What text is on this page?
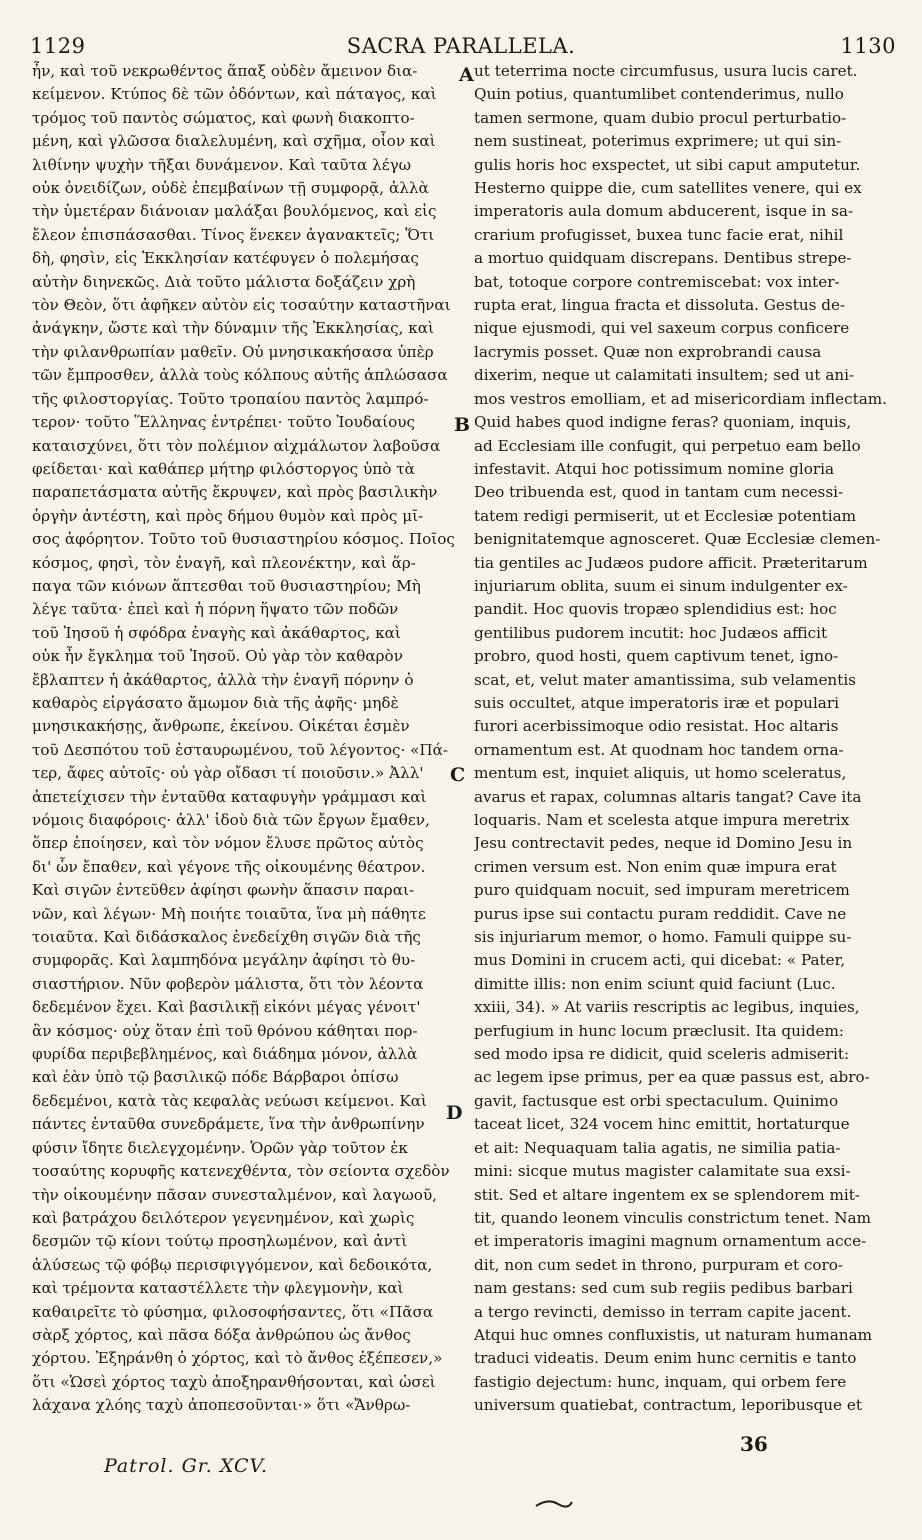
1129	SACRA PARALLELA.	1130
ἦν, καὶ τοῦ νεκρωθέντος ἅπαξ οὐδὲν ἄμεινον δια-
κείμενον. Κτύπος δὲ τῶν ὀδόντων, καὶ πάταγος, καὶ
τρόμος τοῦ παντὸς σώματος, καὶ φωνὴ διακοπτο-
μένη, καὶ γλῶσσα διαλελυμένη, καὶ σχῆμα, οἷον καὶ
λιθίνην ψυχὴν τῆξαι δυνάμενον. Καὶ ταῦτα λέγω
οὐκ ὀνειδίζων, οὐδὲ ἐπεμβαίνων τῇ συμφορᾷ, ἀλλὰ
τὴν ὑμετέραν διάνοιαν μαλάξαι βουλόμενος, καὶ εἰς
ἔλεον ἐπισπάσασθαι. Τίνος ἕνεκεν ἀγανακτεῖς; Ὅτι
δὴ, φησὶν, εἰς Ἐκκλησίαν κατέφυγεν ὁ πολεμήσας
αὐτὴν διηνεκῶς. Διὰ τοῦτο μάλιστα δοξάζειν χρὴ
τὸν Θεὸν, ὅτι ἀφῆκεν αὐτὸν εἰς τοσαύτην καταστῆναι
ἀνάγκην, ὥστε καὶ τὴν δύναμιν τῆς Ἐκκλησίας, καὶ
τὴν φιλανθρωπίαν μαθεῖν. Οὐ μνησικακήσασα ὑπὲρ
τῶν ἔμπροσθεν, ἀλλὰ τοὺς κόλπους αὐτῆς ἁπλώσασα
τῆς φιλοστοργίας. Τοῦτο τροπαίου παντὸς λαμπρό-
τερον· τοῦτο Ἕλληνας ἐντρέπει· τοῦτο Ἰουδαίους
καταισχύνει, ὅτι τὸν πολέμιον αἰχμάλωτον λαβοῦσα
φείδεται· καὶ καθάπερ μήτηρ φιλόστοργος ὑπὸ τὰ
παραπετάσματα αὐτῆς ἔκρυψεν, καὶ πρὸς βασιλικὴν
ὀργὴν ἀντέστη, καὶ πρὸς δήμου θυμὸν καὶ πρὸς μῖ-
σος ἀφόρητον. Τοῦτο τοῦ θυσιαστηρίου κόσμος. Ποῖος
κόσμος, φησὶ, τὸν ἐναγῆ, καὶ πλεονέκτην, καὶ ἅρ-
παγα τῶν κιόνων ἅπτεσθαι τοῦ θυσιαστηρίου; Μὴ
λέγε ταῦτα· ἐπεὶ καὶ ἡ πόρνη ἥψατο τῶν ποδῶν
τοῦ Ἰησοῦ ἡ σφόδρα ἐναγὴς καὶ ἀκάθαρτος, καὶ
οὐκ ἦν ἔγκλημα τοῦ Ἰησοῦ. Οὐ γὰρ τὸν καθαρὸν
ἔβλαπτεν ἡ ἀκάθαρτος, ἀλλὰ τὴν ἐναγῆ πόρνην ὁ
καθαρὸς εἰργάσατο ἄμωμον διὰ τῆς ἁφῆς· μηδὲ
μνησικακήσῃς, ἄνθρωπε, ἐκείνου. Οἰκέται ἐσμὲν
τοῦ Δεσπότου τοῦ ἐσταυρωμένου, τοῦ λέγοντος· «Πά-
τερ, ἄφες αὐτοῖς· οὐ γὰρ οἴδασι τί ποιοῦσιν.» Ἀλλ'
ἀπετείχισεν τὴν ἐνταῦθα καταφυγὴν γράμμασι καὶ
νόμοις διαφόροις· ἀλλ' ἰδοὺ διὰ τῶν ἔργων ἔμαθεν,
ὅπερ ἐποίησεν, καὶ τὸν νόμον ἔλυσε πρῶτος αὐτὸς
δι' ὧν ἔπαθεν, καὶ γέγονε τῆς οἰκουμένης θέατρον.
Καὶ σιγῶν ἐντεῦθεν ἀφίησι φωνὴν ἅπασιν παραι-
νῶν, καὶ λέγων· Μὴ ποιήτε τοιαῦτα, ἵνα μὴ πάθητε
τοιαῦτα. Καὶ διδάσκαλος ἐνεδείχθη σιγῶν διὰ τῆς
συμφορᾶς. Καὶ λαμπηδόνα μεγάλην ἀφίησι τὸ θυ-
σιαστήριον. Νῦν φοβερὸν μάλιστα, ὅτι τὸν λέοντα
δεδεμένον ἔχει. Καὶ βασιλικῇ εἰκόνι μέγας γένοιτ'
ἂν κόσμος· οὐχ ὅταν ἐπὶ τοῦ θρόνου κάθηται πορ-
φυρίδα περιβεβλημένος, καὶ διάδημα μόνον, ἀλλὰ
καὶ ἐὰν ὑπὸ τῷ βασιλικῷ πόδε Βάρβαροι ὀπίσω
δεδεμένοι, κατὰ τὰς κεφαλὰς νεύωσι κείμενοι. Καὶ
πάντες ἐνταῦθα συνεδράμετε, ἵνα τὴν ἀνθρωπίνην
φύσιν ἴδητε διελεγχομένην. Ὁρῶν γὰρ τοῦτον ἐκ
τοσαύτης κορυφῆς κατενεχθέντα, τὸν σείοντα σχεδὸν
τὴν οἰκουμένην πᾶσαν συνεσταλμένον, καὶ λαγωοῦ,
καὶ βατράχου δειλότερον γεγενημένον, καὶ χωρὶς
δεσμῶν τῷ κίονι τούτῳ προσηλωμένον, καὶ ἀντὶ
ἁλύσεως τῷ φόβῳ περισφιγγόμενον, καὶ δεδοικότα,
καὶ τρέμοντα καταστέλλετε τὴν φλεγμονὴν, καὶ
καθαιρεῖτε τὸ φύσημα, φιλοσοφήσαντες, ὅτι «Πᾶσα
σὰρξ χόρτος, καὶ πᾶσα δόξα ἀνθρώπου ὡς ἄνθος
χόρτου. Ἐξηράνθη ὁ χόρτος, καὶ τὸ ἄνθος ἐξέπεσεν,»
ὅτι «Ὡσεὶ χόρτος ταχὺ ἀποξηρανθήσονται, καὶ ὡσεὶ
λάχανα χλόης ταχὺ ἀποπεσοῦνται·» ὅτι «Ἄνθρω-
ut teterrima nocte circumfusus, usura lucis caret.
Quin potius, quantumlibet contenderimus, nullo
tamen sermone, quam dubio procul perturbatio-
nem sustineat, poterimus exprimere; ut qui sin-
gulis horis hoc exspectet, ut sibi caput amputetur.
Hesterno quippe die, cum satellites venere, qui ex
imperatoris aula domum abducerent, isque in sa-
crarium profugisset, buxea tunc facie erat, nihil
a mortuo quidquam discrepans. Dentibus strepe-
bat, totoque corpore contremiscebat: vox inter-
rupta erat, lingua fracta et dissoluta. Gestus de-
nique ejusmodi, qui vel saxeum corpus conficere
lacrymis posset. Quæ non exprobrandi causa
dixerim, neque ut calamitati insultem; sed ut ani-
mos vestros emolliam, et ad misericordiam inflectam.
Quid habes quod indigne feras? quoniam, inquis,
ad Ecclesiam ille confugit, qui perpetuo eam bello
infestavit. Atqui hoc potissimum nomine gloria
Deo tribuenda est, quod in tantam cum necessi-
tatem redigi permiserit, ut et Ecclesiæ potentiam
benignitatemque agnosceret. Quæ Ecclesiæ clemen-
tia gentiles ac Judæos pudore afficit. Præteritarum
injuriarum oblita, suum ei sinum indulgenter ex-
pandit. Hoc quovis tropæo splendidius est: hoc
gentilibus pudorem incutit: hoc Judæos afficit
probro, quod hosti, quem captivum tenet, igno-
scat, et, velut mater amantissima, sub velamentis
suis occultet, atque imperatoris iræ et populari
furori acerbissimoque odio resistat. Hoc altaris
ornamentum est. At quodnam hoc tandem orna-
mentum est, inquiet aliquis, ut homo sceleratus,
avarus et rapax, columnas altaris tangat? Cave ita
loquaris. Nam et scelesta atque impura meretrix
Jesu contrectavit pedes, neque id Domino Jesu in
crimen versum est. Non enim quæ impura erat
puro quidquam nocuit, sed impuram meretricem
purus ipse sui contactu puram reddidit. Cave ne
sis injuriarum memor, o homo. Famuli quippe su-
mus Domini in crucem acti, qui dicebat: « Pater,
dimitte illis: non enim sciunt quid faciunt (Luc.
xxiii, 34). » At variis rescriptis ac legibus, inquies,
perfugium in hunc locum præclusit. Ita quidem:
sed modo ipsa re didicit, quid sceleris admiserit:
ac legem ipse primus, per ea quæ passus est, abro-
gavit, factusque est orbi spectaculum. Quinimo
taceat licet, 324 vocem hinc emittit, hortaturque
et ait: Nequaquam talia agatis, ne similia patia-
mini: sicque mutus magister calamitate sua exsi-
stit. Sed et altare ingentem ex se splendorem mit-
tit, quando leonem vinculis constrictum tenet. Nam
et imperatoris imagini magnum ornamentum acce-
dit, non cum sedet in throno, purpuram et coro-
nam gestans: sed cum sub regiis pedibus barbari
a tergo revincti, demisso in terram capite jacent.
Atqui huc omnes confluxistis, ut naturam humanam
traduci videatis. Deum enim hunc cernitis e tanto
fastigio dejectum: hunc, inquam, qui orbem fere
universum quatiebat, contractum, leporibusque et
A
B
C
D
Patrol. Gr. XCV.
36
